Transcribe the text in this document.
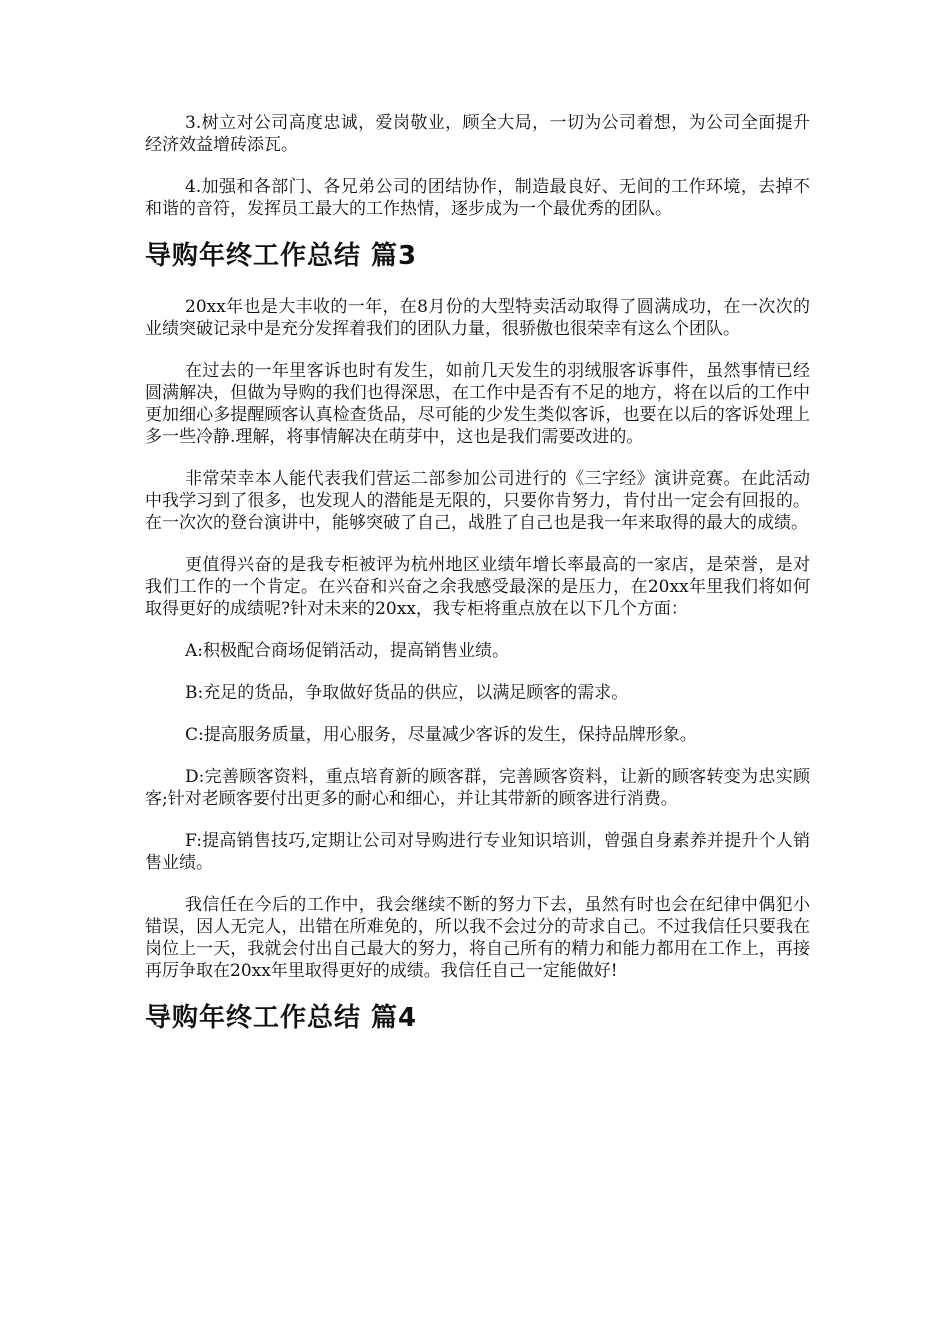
3.树立对公司高度忠诚，爱岗敬业，顾全大局，一切为公司着想，为公司全面提升经济效益增砖添瓦。

4.加强和各部门、各兄弟公司的团结协作，制造最良好、无间的工作环境，去掉不和谐的音符，发挥员工最大的工作热情，逐步成为一个最优秀的团队。

导购年终工作总结 篇3

20xx年也是大丰收的一年，在8月份的大型特卖活动取得了圆满成功，在一次次的业绩突破记录中是充分发挥着我们的团队力量，很骄傲也很荣幸有这么个团队。

在过去的一年里客诉也时有发生，如前几天发生的羽绒服客诉事件，虽然事情已经圆满解决，但做为导购的我们也得深思，在工作中是否有不足的地方，将在以后的工作中更加细心多提醒顾客认真检查货品，尽可能的少发生类似客诉，也要在以后的客诉处理上多一些冷静.理解，将事情解决在萌芽中，这也是我们需要改进的。

非常荣幸本人能代表我们营运二部参加公司进行的《三字经》演讲竞赛。在此活动中我学习到了很多，也发现人的潜能是无限的，只要你肯努力，肯付出一定会有回报的。在一次次的登台演讲中，能够突破了自己，战胜了自己也是我一年来取得的最大的成绩。

更值得兴奋的是我专柜被评为杭州地区业绩年增长率最高的一家店，是荣誉，是对我们工作的一个肯定。在兴奋和兴奋之余我感受最深的是压力，在20xx年里我们将如何取得更好的成绩呢?针对未来的20xx，我专柜将重点放在以下几个方面：

A:积极配合商场促销活动，提高销售业绩。

B:充足的货品，争取做好货品的供应，以满足顾客的需求。

C:提高服务质量，用心服务，尽量减少客诉的发生，保持品牌形象。

D:完善顾客资料，重点培育新的顾客群，完善顾客资料，让新的顾客转变为忠实顾客;针对老顾客要付出更多的耐心和细心，并让其带新的顾客进行消费。

F:提高销售技巧,定期让公司对导购进行专业知识培训，曾强自身素养并提升个人销售业绩。

我信任在今后的工作中，我会继续不断的努力下去，虽然有时也会在纪律中偶犯小错误，因人无完人，出错在所难免的，所以我不会过分的苛求自己。不过我信任只要我在岗位上一天，我就会付出自己最大的努力，将自己所有的精力和能力都用在工作上，再接再厉争取在20xx年里取得更好的成绩。我信任自己一定能做好!

导购年终工作总结 篇4
